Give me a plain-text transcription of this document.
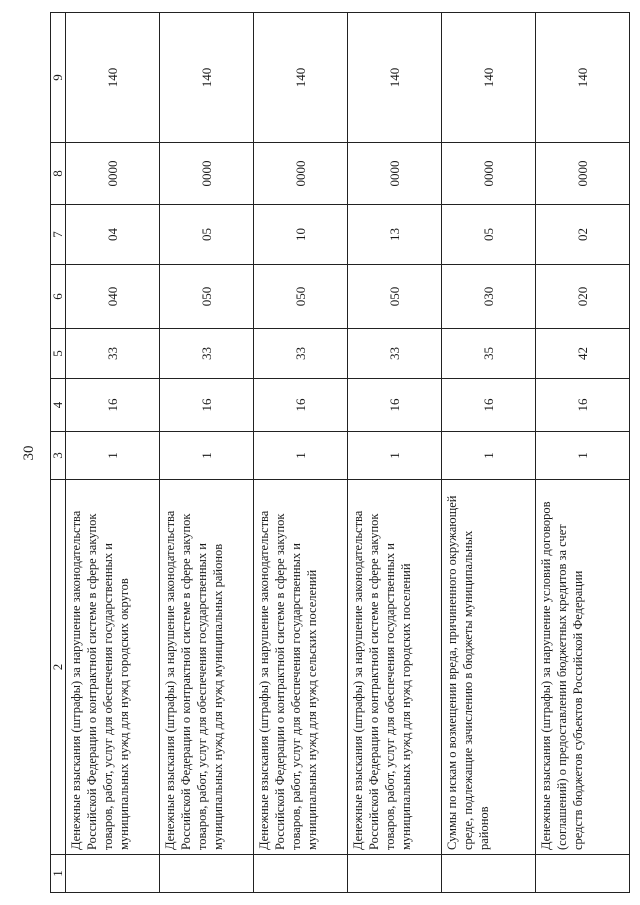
30
1	2	3	4	5	6	7	8	9
	Денежные взыскания (штрафы) за нарушение законодательства Российской Федерации о контрактной системе в сфере закупок товаров, работ, услуг для обеспечения государственных и муниципальных нужд для нужд городских округов	1	16	33	040	04	0000	140
	Денежные взыскания (штрафы) за нарушение законодательства Российской Федерации о контрактной системе в сфере закупок товаров, работ, услуг для обеспечения государственных и муниципальных нужд для нужд муниципальных районов	1	16	33	050	05	0000	140
	Денежные взыскания (штрафы) за нарушение законодательства Российской Федерации о контрактной системе в сфере закупок товаров, работ, услуг для обеспечения государственных и муниципальных нужд для нужд сельских поселений	1	16	33	050	10	0000	140
	Денежные взыскания (штрафы) за нарушение законодательства Российской Федерации о контрактной системе в сфере закупок товаров, работ, услуг для обеспечения государственных и муниципальных нужд для нужд городских поселений	1	16	33	050	13	0000	140
	Суммы по искам о возмещении вреда, причиненного окружающей среде, подлежащие зачислению в бюджеты муниципальных районов	1	16	35	030	05	0000	140
	Денежные взыскания (штрафы) за нарушение условий договоров (соглашений) о предоставлении бюджетных кредитов за счет средств бюджетов субъектов Российской Федерации	1	16	42	020	02	0000	140
